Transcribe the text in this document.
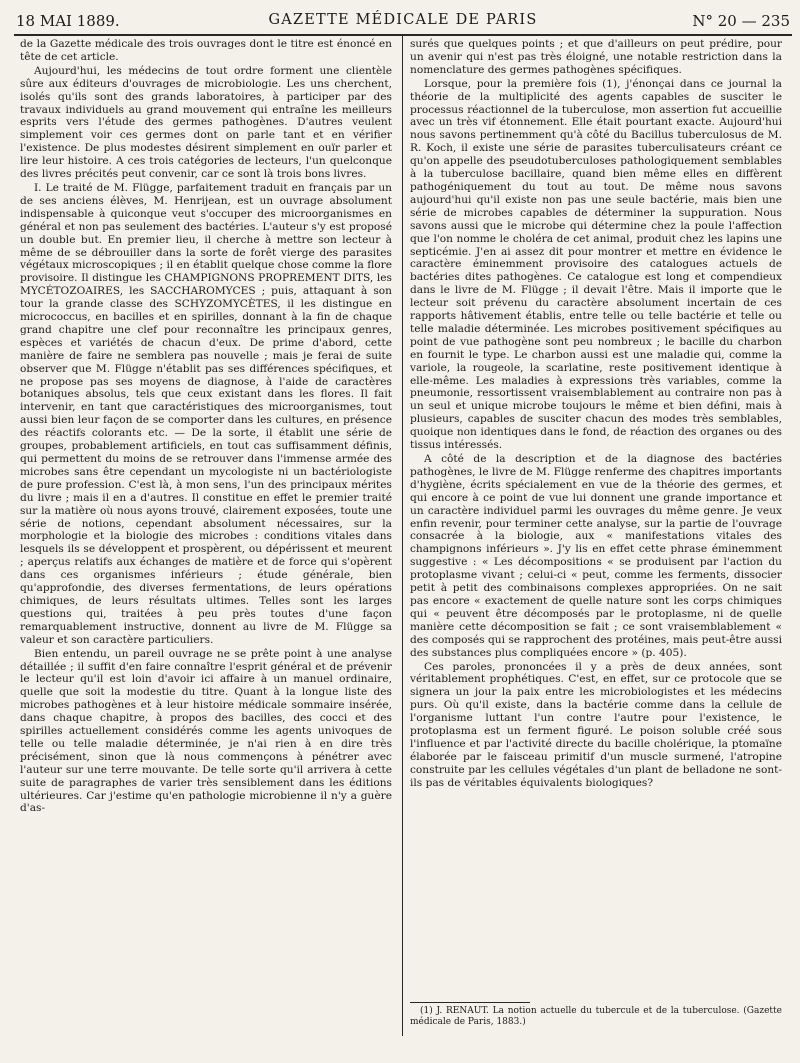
18 MAI 1889.	GAZETTE MÉDICALE DE PARIS	N° 20 — 235

de la Gazette médicale des trois ouvrages dont le titre est énoncé en tête de cet article.

Aujourd'hui, les médecins de tout ordre forment une clientèle sûre aux éditeurs d'ouvrages de microbiologie. Les uns cherchent, isolés qu'ils sont des grands laboratoires, à participer par des travaux individuels au grand mouvement qui entraîne les meilleurs esprits vers l'étude des germes pathogènes. D'autres veulent simplement voir ces germes dont on parle tant et en vérifier l'existence. De plus modestes désirent simplement en ouïr parler et lire leur histoire. A ces trois catégories de lecteurs, l'un quelconque des livres précités peut convenir, car ce sont là trois bons livres.

I. Le traité de M. Flügge, parfaitement traduit en français par un de ses anciens élèves, M. Henrijean, est un ouvrage absolument indispensable à quiconque veut s'occuper des microorganismes en général et non pas seulement des bactéries. L'auteur s'y est proposé un double but. En premier lieu, il cherche à mettre son lecteur à même de se débrouiller dans la sorte de forêt vierge des parasites végétaux microscopiques ; il en établit quelque chose comme la flore provisoire. Il distingue les CHAMPIGNONS PROPREMENT DITS, les MYCÉTOZOAIRES, les SACCHAROMYCES ; puis, attaquant à son tour la grande classe des SCHYZOMYCÈTES, il les distingue en micrococcus, en bacilles et en spirilles, donnant à la fin de chaque grand chapitre une clef pour reconnaître les principaux genres, espèces et variétés de chacun d'eux. De prime d'abord, cette manière de faire ne semblera pas nouvelle ; mais je ferai de suite observer que M. Flügge n'établit pas ses différences spécifiques, et ne propose pas ses moyens de diagnose, à l'aide de caractères botaniques absolus, tels que ceux existant dans les flores. Il fait intervenir, en tant que caractéristiques des microorganismes, tout aussi bien leur façon de se comporter dans les cultures, en présence des réactifs colorants etc. — De la sorte, il établit une série de groupes, probablement artificiels, en tout cas suffisamment définis, qui permettent du moins de se retrouver dans l'immense armée des microbes sans être cependant un mycologiste ni un bactériologiste de pure profession. C'est là, à mon sens, l'un des principaux mérites du livre ; mais il en a d'autres. Il constitue en effet le premier traité sur la matière où nous ayons trouvé, clairement exposées, toute une série de notions, cependant absolument nécessaires, sur la morphologie et la biologie des microbes : conditions vitales dans lesquels ils se développent et prospèrent, ou dépérissent et meurent ; aperçus relatifs aux échanges de matière et de force qui s'opèrent dans ces organismes inférieurs ; étude générale, bien qu'approfondie, des diverses fermentations, de leurs opérations chimiques, de leurs résultats ultimes. Telles sont les larges questions qui, traitées à peu près toutes d'une façon remarquablement instructive, donnent au livre de M. Flügge sa valeur et son caractère particuliers.

Bien entendu, un pareil ouvrage ne se prête point à une analyse détaillée ; il suffit d'en faire connaître l'esprit général et de prévenir le lecteur qu'il est loin d'avoir ici affaire à un manuel ordinaire, quelle que soit la modestie du titre. Quant à la longue liste des microbes pathogènes et à leur histoire médicale sommaire insérée, dans chaque chapitre, à propos des bacilles, des cocci et des spirilles actuellement considérés comme les agents univoques de telle ou telle maladie déterminée, je n'ai rien à en dire très précisément, sinon que là nous commençons à pénétrer avec l'auteur sur une terre mouvante. De telle sorte qu'il arrivera à cette suite de paragraphes de varier très sensiblement dans les éditions ultérieures. Car j'estime qu'en pathologie microbienne il n'y a guère d'as-

surés que quelques points ; et que d'ailleurs on peut prédire, pour un avenir qui n'est pas très éloigné, une notable restriction dans la nomenclature des germes pathogènes spécifiques.

Lorsque, pour la première fois (1), j'énonçai dans ce journal la théorie de la multiplicité des agents capables de susciter le processus réactionnel de la tuberculose, mon assertion fut accueillie avec un très vif étonnement. Elle était pourtant exacte. Aujourd'hui nous savons pertinemment qu'à côté du Bacillus tuberculosus de M. R. Koch, il existe une série de parasites tuberculisateurs créant ce qu'on appelle des pseudotuberculoses pathologiquement semblables à la tuberculose bacillaire, quand bien même elles en diffèrent pathogéniquement du tout au tout. De même nous savons aujourd'hui qu'il existe non pas une seule bactérie, mais bien une série de microbes capables de déterminer la suppuration. Nous savons aussi que le microbe qui détermine chez la poule l'affection que l'on nomme le choléra de cet animal, produit chez les lapins une septicémie. J'en ai assez dit pour montrer et mettre en évidence le caractère éminemment provisoire des catalogues actuels de bactéries dites pathogènes. Ce catalogue est long et compendieux dans le livre de M. Flügge ; il devait l'être. Mais il importe que le lecteur soit prévenu du caractère absolument incertain de ces rapports hâtivement établis, entre telle ou telle bactérie et telle ou telle maladie déterminée. Les microbes positivement spécifiques au point de vue pathogène sont peu nombreux ; le bacille du charbon en fournit le type. Le charbon aussi est une maladie qui, comme la variole, la rougeole, la scarlatine, reste positivement identique à elle-même. Les maladies à expressions très variables, comme la pneumonie, ressortissent vraisemblablement au contraire non pas à un seul et unique microbe toujours le même et bien défini, mais à plusieurs, capables de susciter chacun des modes très semblables, quoique non identiques dans le fond, de réaction des organes ou des tissus intéressés.

A côté de la description et de la diagnose des bactéries pathogènes, le livre de M. Flügge renferme des chapitres importants d'hygiène, écrits spécialement en vue de la théorie des germes, et qui encore à ce point de vue lui donnent une grande importance et un caractère individuel parmi les ouvrages du même genre. Je veux enfin revenir, pour terminer cette analyse, sur la partie de l'ouvrage consacrée à la biologie, aux « manifestations vitales des champignons inférieurs ». J'y lis en effet cette phrase éminemment suggestive : « Les décompositions « se produisent par l'action du protoplasme vivant ; celui-ci « peut, comme les ferments, dissocier petit à petit des combinaisons complexes appropriées. On ne sait pas encore « exactement de quelle nature sont les corps chimiques qui « peuvent être décomposés par le protoplasme, ni de quelle manière cette décomposition se fait ; ce sont vraisemblablement « des composés qui se rapprochent des protéines, mais peut-être aussi des substances plus compliquées encore » (p. 405).

Ces paroles, prononcées il y a près de deux années, sont véritablement prophétiques. C'est, en effet, sur ce protocole que se signera un jour la paix entre les microbiologistes et les médecins purs. Où qu'il existe, dans la bactérie comme dans la cellule de l'organisme luttant l'un contre l'autre pour l'existence, le protoplasma est un ferment figuré. Le poison soluble créé sous l'influence et par l'activité directe du bacille cholérique, la ptomaïne élaborée par le faisceau primitif d'un muscle surmené, l'atropine construite par les cellules végétales d'un plant de belladone ne sont-ils pas de véritables équivalents biologiques?

(1) J. RENAUT. La notion actuelle du tubercule et de la tuberculose. (Gazette médicale de Paris, 1883.)
